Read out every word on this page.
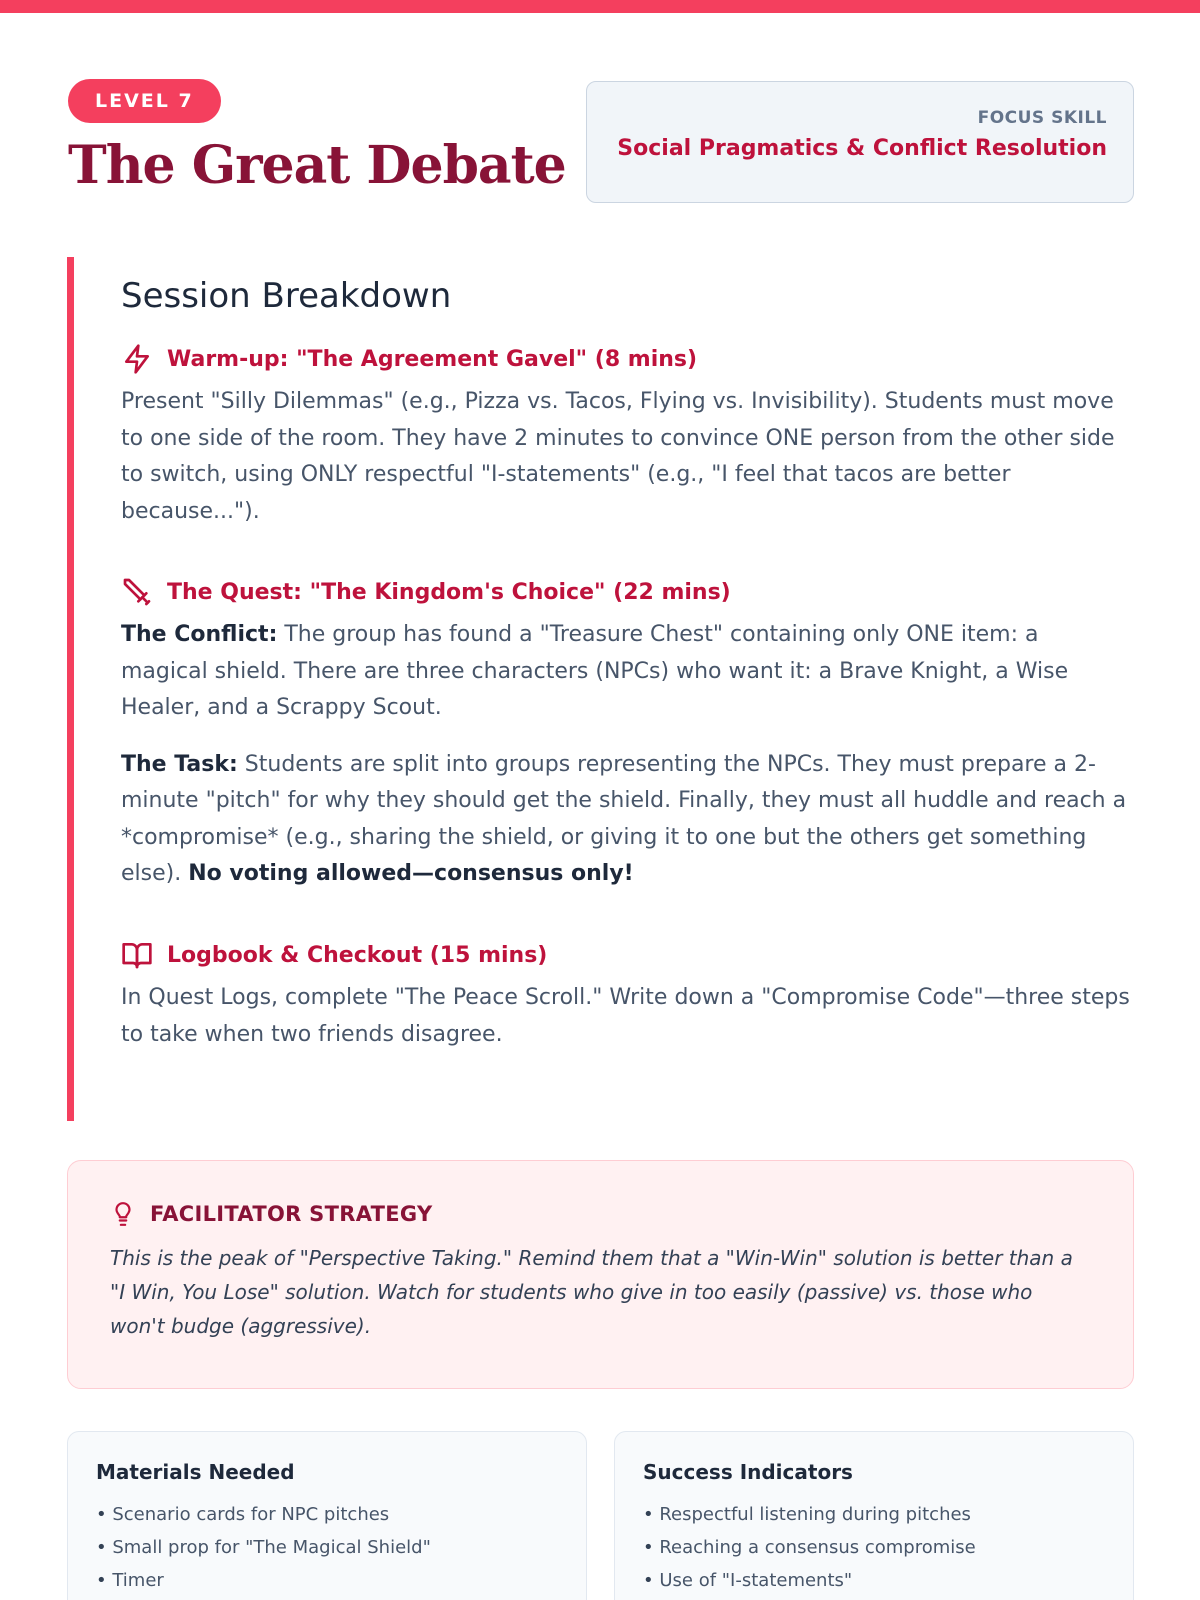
LEVEL 7
The Great Debate
FOCUS SKILL
Social Pragmatics & Conflict Resolution
Session Breakdown
Warm-up: "The Agreement Gavel" (8 mins)

Present "Silly Dilemmas" (e.g., Pizza vs. Tacos, Flying vs. Invisibility). Students must move to one side of the room. They have 2 minutes to convince ONE person from the other side to switch, using ONLY respectful "I-statements" (e.g., "I feel that tacos are better because...").

The Quest: "The Kingdom's Choice" (22 mins)

The Conflict: The group has found a "Treasure Chest" containing only ONE item: a magical shield. There are three characters (NPCs) who want it: a Brave Knight, a Wise Healer, and a Scrappy Scout.

The Task: Students are split into groups representing the NPCs. They must prepare a 2-minute "pitch" for why they should get the shield. Finally, they must all huddle and reach a *compromise* (e.g., sharing the shield, or giving it to one but the others get something else). No voting allowed—consensus only!

Logbook & Checkout (15 mins)

In Quest Logs, complete "The Peace Scroll." Write down a "Compromise Code"—three steps to take when two friends disagree.

FACILITATOR STRATEGY

This is the peak of "Perspective Taking." Remind them that a "Win-Win" solution is better than a "I Win, You Lose" solution. Watch for students who give in too easily (passive) vs. those who won't budge (aggressive).

Materials Needed
• Scenario cards for NPC pitches
• Small prop for "The Magical Shield"
• Timer
Success Indicators
• Respectful listening during pitches
• Reaching a consensus compromise
• Use of "I-statements"
